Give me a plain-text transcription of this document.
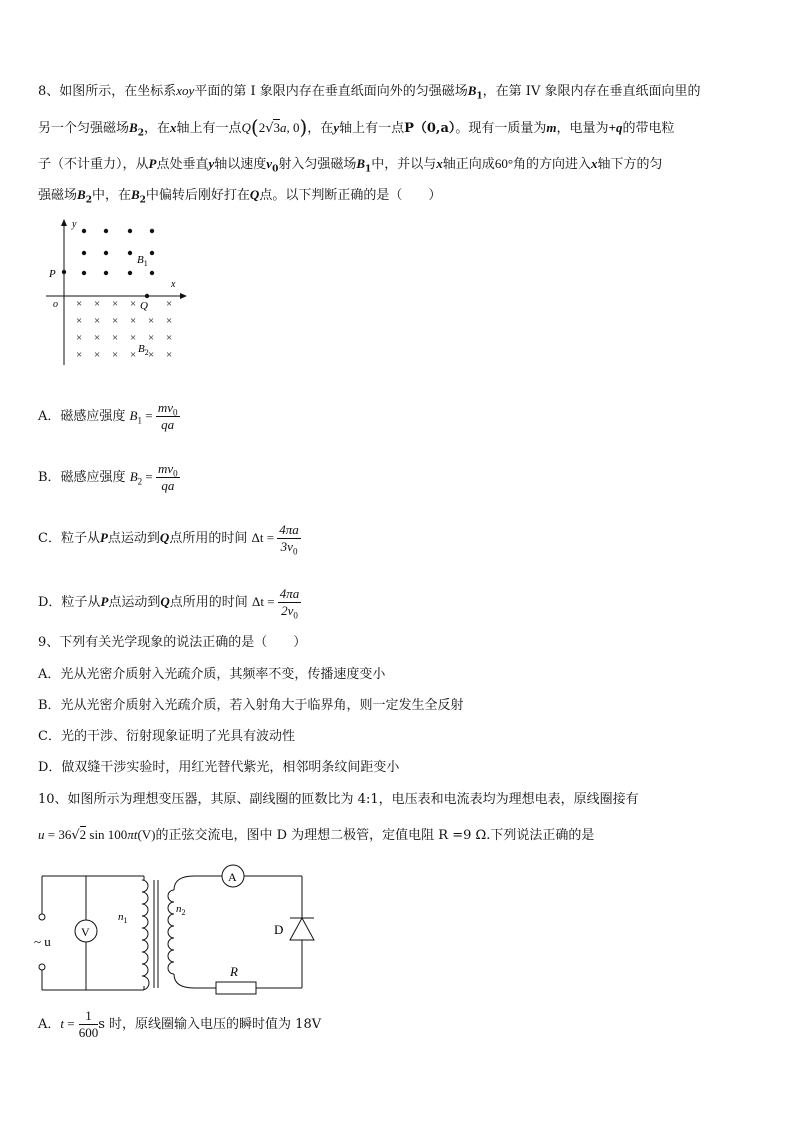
8、如图所示，在坐标系xoy平面的第 I 象限内存在垂直纸面向外的匀强磁场$B_1$，在第 IV 象限内存在垂直纸面向里的
另一个匀强磁场$B_2$，在x轴上有一点Q(2√3a, 0)，在y轴上有一点P（0,a）。现有一质量为m，电量为+q的带电粒
子（不计重力），从P点处垂直y轴以速度$v_0$射入匀强磁场$B_1$中，并以与x轴正向成60°角的方向进入x轴下方的匀
强磁场$B_2$中，在$B_2$中偏转后刚好打在Q点。以下判断正确的是（　　）
y
x
o
P
Q
$B_1$
$B_2$
× × × ×	×
× × × × × ×
× × × × × ×
× × × × × ×
A．磁感应强度 $B_1 = \frac{mv_0}{qa}$
B．磁感应强度 $B_2 = \frac{mv_0}{qa}$
C．粒子从P点运动到Q点所用的时间 $\Delta t = \frac{4\pi a}{3v_0}$
D．粒子从P点运动到Q点所用的时间 $\Delta t = \frac{4\pi a}{2v_0}$
9、下列有关光学现象的说法正确的是（　　）
A．光从光密介质射入光疏介质，其频率不变，传播速度变小
B．光从光密介质射入光疏介质，若入射角大于临界角，则一定发生全反射
C．光的干涉、衍射现象证明了光具有波动性
D．做双缝干涉实验时，用红光替代紫光，相邻明条纹间距变小
10、如图所示为理想变压器，其原、副线圈的匝数比为 4:1，电压表和电流表均为理想电表，原线圈接有
u = 36√2 sin 100πt(V)的正弦交流电，图中 D 为理想二极管，定值电阻 R =9 Ω.下列说法正确的是
~ u
V
A
$n_1$
$n_2$
D
R
A．$t = \frac{1}{600}$ s 时，原线圈输入电压的瞬时值为 18V
